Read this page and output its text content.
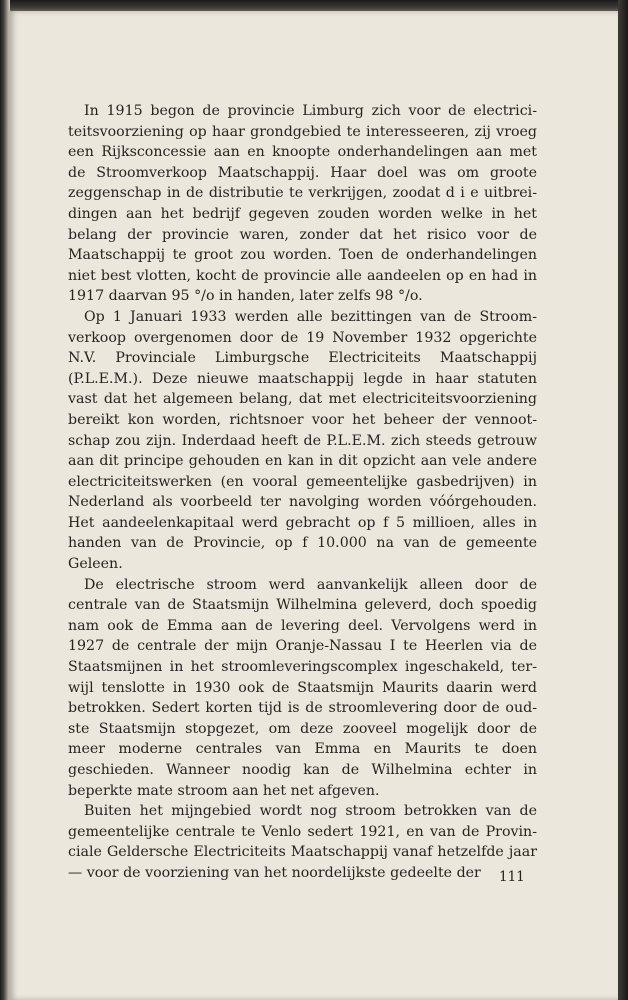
In 1915 begon de provincie Limburg zich voor de electriciteitsvoorziening op haar grondgebied te interesseeren, zij vroeg een Rijksconcessie aan en knoopte onderhandelingen aan met de Stroomverkoop Maatschappij. Haar doel was om groote zeggenschap in de distributie te verkrijgen, zoodat d i e uitbreidingen aan het bedrijf gegeven zouden worden welke in het belang der provincie waren, zonder dat het risico voor de Maatschappij te groot zou worden. Toen de onderhandelingen niet best vlotten, kocht de provincie alle aandeelen op en had in 1917 daarvan 95 °/o in handen, later zelfs 98 °/o.

Op 1 Januari 1933 werden alle bezittingen van de Stroomverkoop overgenomen door de 19 November 1932 opgerichte N.V. Provinciale Limburgsche Electriciteits Maatschappij (P.L.E.M.). Deze nieuwe maatschappij legde in haar statuten vast dat het algemeen belang, dat met electriciteitsvoorziening bereikt kon worden, richtsnoer voor het beheer der vennootschap zou zijn. Inderdaad heeft de P.L.E.M. zich steeds getrouw aan dit principe gehouden en kan in dit opzicht aan vele andere electriciteitswerken (en vooral gemeentelijke gasbedrijven) in Nederland als voorbeeld ter navolging worden vóórgehouden. Het aandeelenkapitaal werd gebracht op f 5 millioen, alles in handen van de Provincie, op f 10.000 na van de gemeente Geleen.

De electrische stroom werd aanvankelijk alleen door de centrale van de Staatsmijn Wilhelmina geleverd, doch spoedig nam ook de Emma aan de levering deel. Vervolgens werd in 1927 de centrale der mijn Oranje-Nassau I te Heerlen via de Staatsmijnen in het stroomleveringscomplex ingeschakeld, terwijl tenslotte in 1930 ook de Staatsmijn Maurits daarin werd betrokken. Sedert korten tijd is de stroomlevering door de oudste Staatsmijn stopgezet, om deze zooveel mogelijk door de meer moderne centrales van Emma en Maurits te doen geschieden. Wanneer noodig kan de Wilhelmina echter in beperkte mate stroom aan het net afgeven.

Buiten het mijngebied wordt nog stroom betrokken van de gemeentelijke centrale te Venlo sedert 1921, en van de Provinciale Geldersche Electriciteits Maatschappij vanaf hetzelfde jaar — voor de voorziening van het noordelijkste gedeelte der	111
